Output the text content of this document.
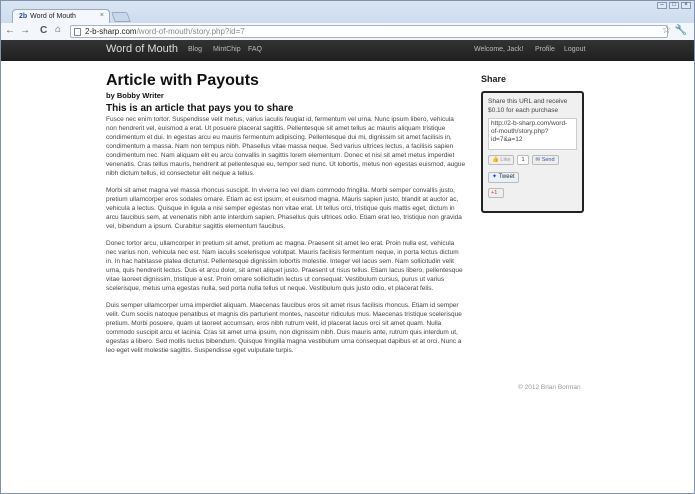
2b Word of Mouth	×
–	□	×
← → C ⌂	2-b-sharp.com/word-of-mouth/story.php?id=7	☆ 🔧
Word of Mouth Blog MintChip FAQ	Welcome, Jack! Profile Logout
Article with Payouts
by Bobby Writer
This is an article that pays you to share

Fusce nec enim tortor. Suspendisse velit metus, varius iaculis feugiat id, fermentum vel urna. Nunc ipsum libero, vehicula non hendrerit vel, euismod a erat. Ut posuere placerat sagittis. Pellentesque sit amet tellus ac mauris aliquam tristique condimentum et dui. In egestas arcu eu mauris fermentum adipiscing. Pellentesque dui mi, dignissim sit amet facilisis in, condimentum a massa. Nam non tempus nibh. Phasellus vitae massa neque. Sed varius ultrices lectus, a facilisis sapien condimentum nec. Nam aliquam elit eu arcu convallis in sagittis lorem elementum. Donec et nisi sit amet metus imperdiet venenatis. Cras tellus mauris, hendrerit at pellentesque eu, tempor sed nunc. Ut lobortis, metus non egestas euismod, augue nibh dictum tellus, id consectetur elit neque a tellus.

Morbi sit amet magna vel massa rhoncus suscipit. In viverra leo vel diam commodo fringilla. Morbi semper convallis justo, pretium ullamcorper eros sodales ornare. Etiam ac est ipsum, et euismod magna. Mauris sapien justo, blandit at auctor ac, vehicula a lectus. Quisque in ligula a nisi semper egestas non vitae erat. Ut tellus orci, tristique quis mattis eget, dictum in arcu faucibus sem, at venenatis nibh ante interdum sapien. Phasellus quis ultrices odio. Etiam erat leo, tristique non gravida vel, bibendum a ipsum. Curabitur sagittis elementum faucibus.

Donec tortor arcu, ullamcorper in pretium sit amet, pretium ac magna. Praesent sit amet leo erat. Proin nulla est, vehicula nec varius non, vehicula nec est. Nam iaculis scelerisque volutpat. Mauris facilisis fermentum neque, in porta lectus dictum in. In hac habitasse platea dictumst. Pellentesque dignissim lobortis molestie. Integer vel lacus sem. Nam sollicitudin velit urna, quis hendrerit lectus. Duis et arcu dolor, sit amet aliquet justo. Praesent ut risus tellus. Etiam lacus libero, pellentesque vitae laoreet dignissim, tristique a est. Proin ornare sollicitudin lectus ut consequat. Vestibulum cursus, purus ut varius scelerisque, metus urna egestas nulla, sed porta nulla tellus ut neque. Vestibulum quis justo odio, et placerat felis.

Duis semper ullamcorper urna imperdiet aliquam. Maecenas faucibus eros sit amet risus facilisis rhoncus. Etiam id semper velit. Cum sociis natoque penatibus et magnis dis parturient montes, nascetur ridiculus mus. Maecenas tristique scelerisque pretium. Morbi posuere, quam ut laoreet accumsan, eros nibh rutrum velit, id placerat lacus orci sit amet quam. Nulla commodo suscipit arcu et lacinia. Cras sit amet urna ipsum, non dignissim nibh. Duis mauris ante, rutrum quis interdum ut, egestas a libero. Sed mollis luctus bibendum. Quisque fringilla magna vestibulum urna consequat dapibus et at orci. Nunc a leo eget velit molestie sagittis. Suspendisse eget vulputate turpis.

Share
Share this URL and receive $0.10 for each purchase
http://2-b-sharp.com/word-of-mouth/story.php?id=7&a=12
👍 Like	1	✉ Send
✦ Tweet
+1
© 2012 Brian Borman
